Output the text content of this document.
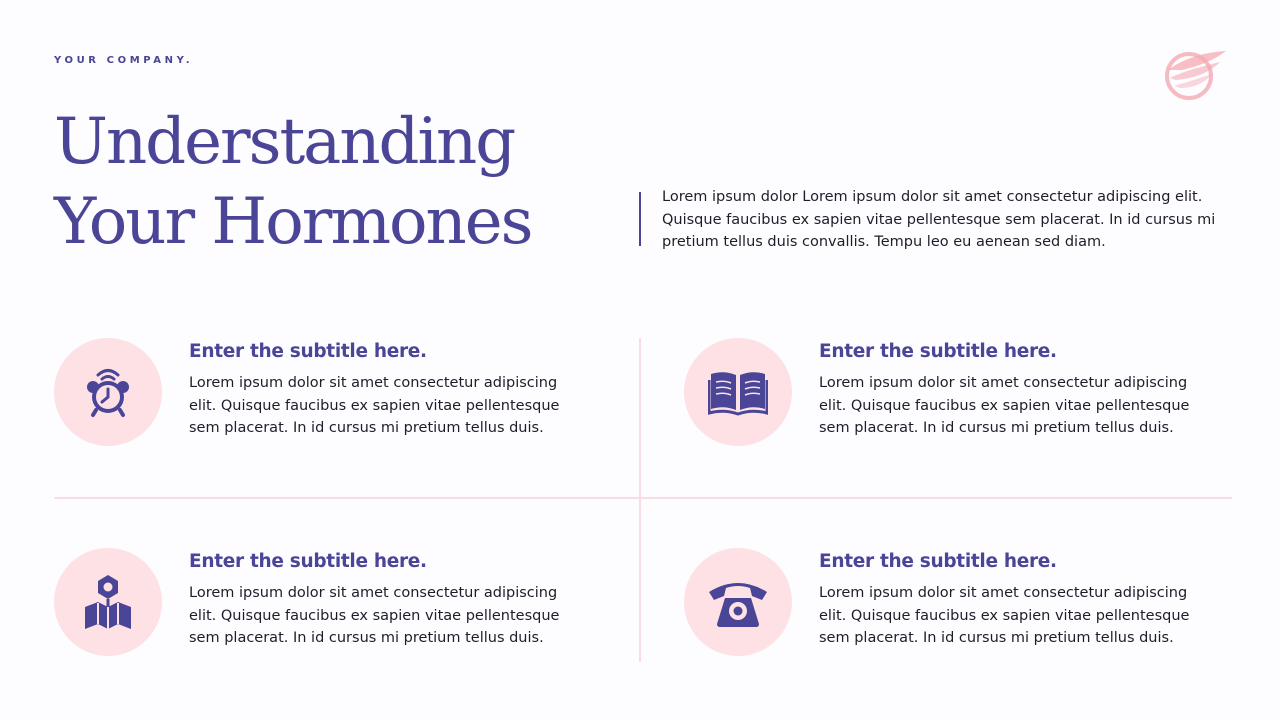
YOUR COMPANY.
Understanding
Your Hormones	Lorem ipsum dolor Lorem ipsum dolor sit amet consectetur adipiscing elit. Quisque faucibus ex sapien vitae pellentesque sem placerat. In id cursus mi pretium tellus duis convallis. Tempu leo eu aenean sed diam.

Enter the subtitle here.

Lorem ipsum dolor sit amet consectetur adipiscing elit. Quisque faucibus ex sapien vitae pellentesque sem placerat. In id cursus mi pretium tellus duis.

Enter the subtitle here.

Lorem ipsum dolor sit amet consectetur adipiscing elit. Quisque faucibus ex sapien vitae pellentesque sem placerat. In id cursus mi pretium tellus duis.

Enter the subtitle here.

Lorem ipsum dolor sit amet consectetur adipiscing elit. Quisque faucibus ex sapien vitae pellentesque sem placerat. In id cursus mi pretium tellus duis.

Enter the subtitle here.

Lorem ipsum dolor sit amet consectetur adipiscing elit. Quisque faucibus ex sapien vitae pellentesque sem placerat. In id cursus mi pretium tellus duis.
